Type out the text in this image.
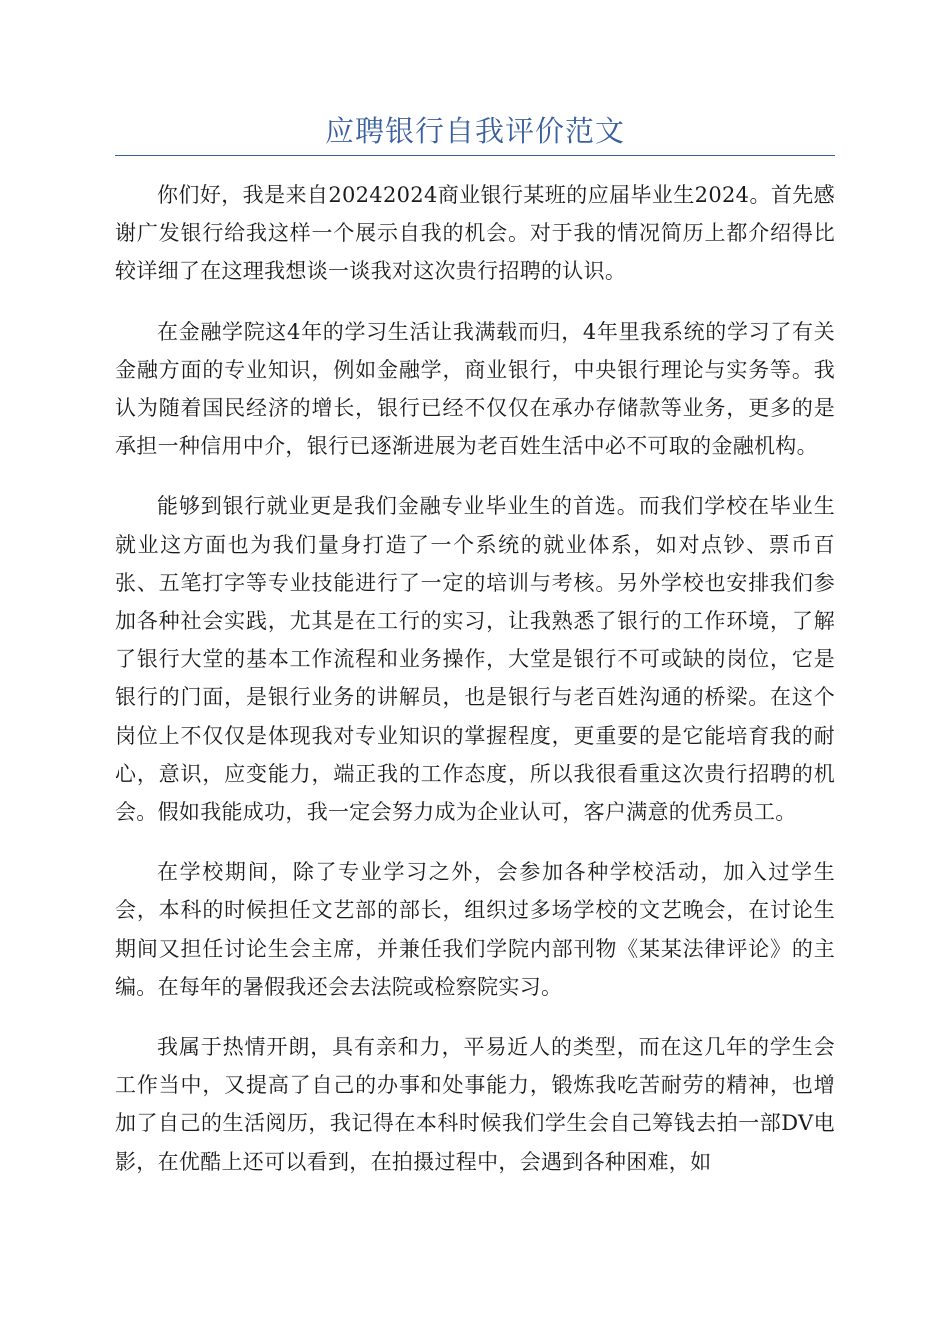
应聘银行自我评价范文

你们好，我是来自20242024商业银行某班的应届毕业生2024。首先感谢广发银行给我这样一个展示自我的机会。对于我的情况简历上都介绍得比较详细了在这理我想谈一谈我对这次贵行招聘的认识。

在金融学院这4年的学习生活让我满载而归，4年里我系统的学习了有关金融方面的专业知识，例如金融学，商业银行，中央银行理论与实务等。我认为随着国民经济的增长，银行已经不仅仅在承办存储款等业务，更多的是承担一种信用中介，银行已逐渐进展为老百姓生活中必不可取的金融机构。

能够到银行就业更是我们金融专业毕业生的首选。而我们学校在毕业生就业这方面也为我们量身打造了一个系统的就业体系，如对点钞、票币百张、五笔打字等专业技能进行了一定的培训与考核。另外学校也安排我们参加各种社会实践，尤其是在工行的实习，让我熟悉了银行的工作环境，了解了银行大堂的基本工作流程和业务操作，大堂是银行不可或缺的岗位，它是银行的门面，是银行业务的讲解员，也是银行与老百姓沟通的桥梁。在这个岗位上不仅仅是体现我对专业知识的掌握程度，更重要的是它能培育我的耐心，意识，应变能力，端正我的工作态度，所以我很看重这次贵行招聘的机会。假如我能成功，我一定会努力成为企业认可，客户满意的优秀员工。

在学校期间，除了专业学习之外，会参加各种学校活动，加入过学生会，本科的时候担任文艺部的部长，组织过多场学校的文艺晚会，在讨论生期间又担任讨论生会主席，并兼任我们学院内部刊物《某某法律评论》的主编。在每年的暑假我还会去法院或检察院实习。

我属于热情开朗，具有亲和力，平易近人的类型，而在这几年的学生会工作当中，又提高了自己的办事和处事能力，锻炼我吃苦耐劳的精神，也增加了自己的生活阅历，我记得在本科时候我们学生会自己筹钱去拍一部DV电影，在优酷上还可以看到，在拍摄过程中，会遇到各种困难，如
